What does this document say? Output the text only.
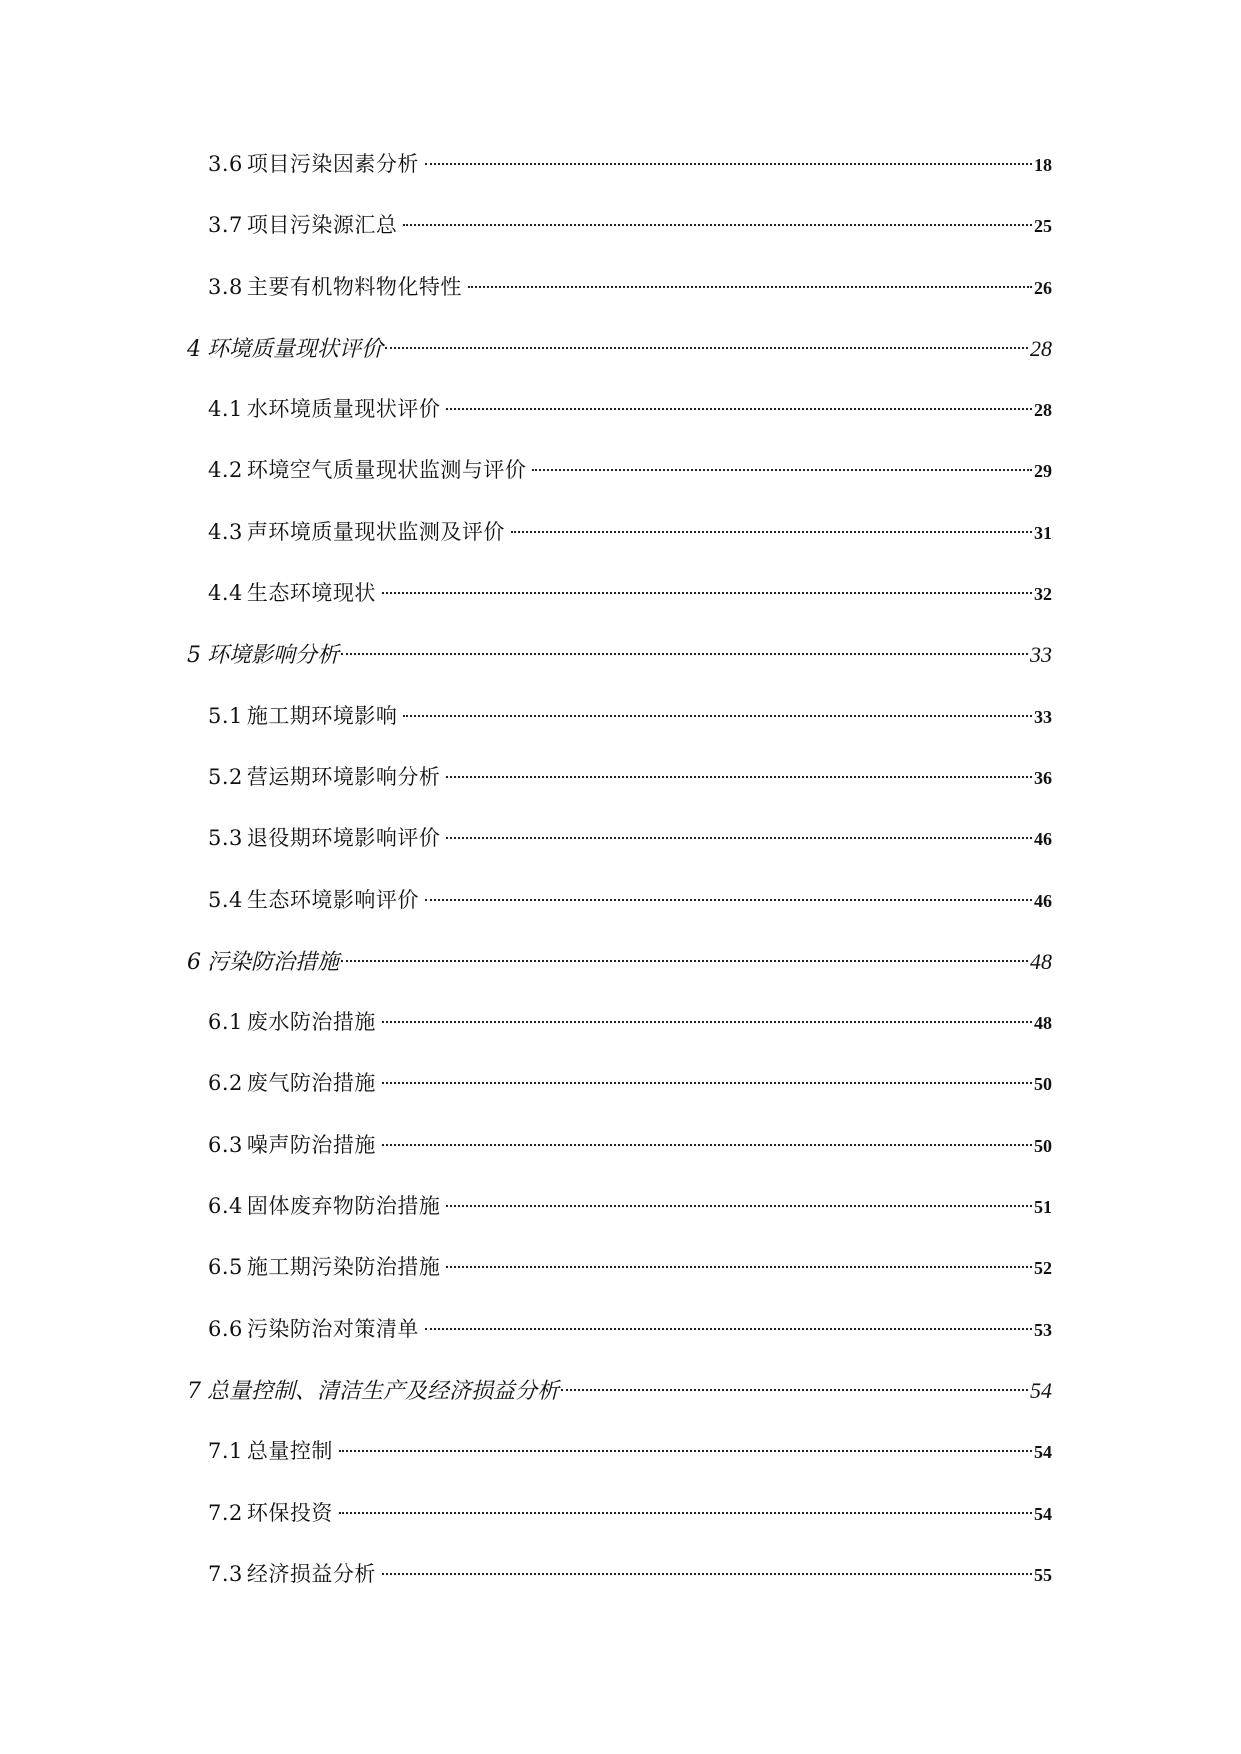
3.6 项目污染因素分析	18
3.7 项目污染源汇总	25
3.8 主要有机物料物化特性	26
4 环境质量现状评价	28
4.1 水环境质量现状评价	28
4.2 环境空气质量现状监测与评价	29
4.3 声环境质量现状监测及评价	31
4.4 生态环境现状	32
5 环境影响分析	33
5.1 施工期环境影响	33
5.2 营运期环境影响分析	36
5.3 退役期环境影响评价	46
5.4 生态环境影响评价	46
6 污染防治措施	48
6.1 废水防治措施	48
6.2 废气防治措施	50
6.3 噪声防治措施	50
6.4 固体废弃物防治措施	51
6.5 施工期污染防治措施	52
6.6 污染防治对策清单	53
7 总量控制、清洁生产及经济损益分析	54
7.1 总量控制	54
7.2 环保投资	54
7.3 经济损益分析	55
